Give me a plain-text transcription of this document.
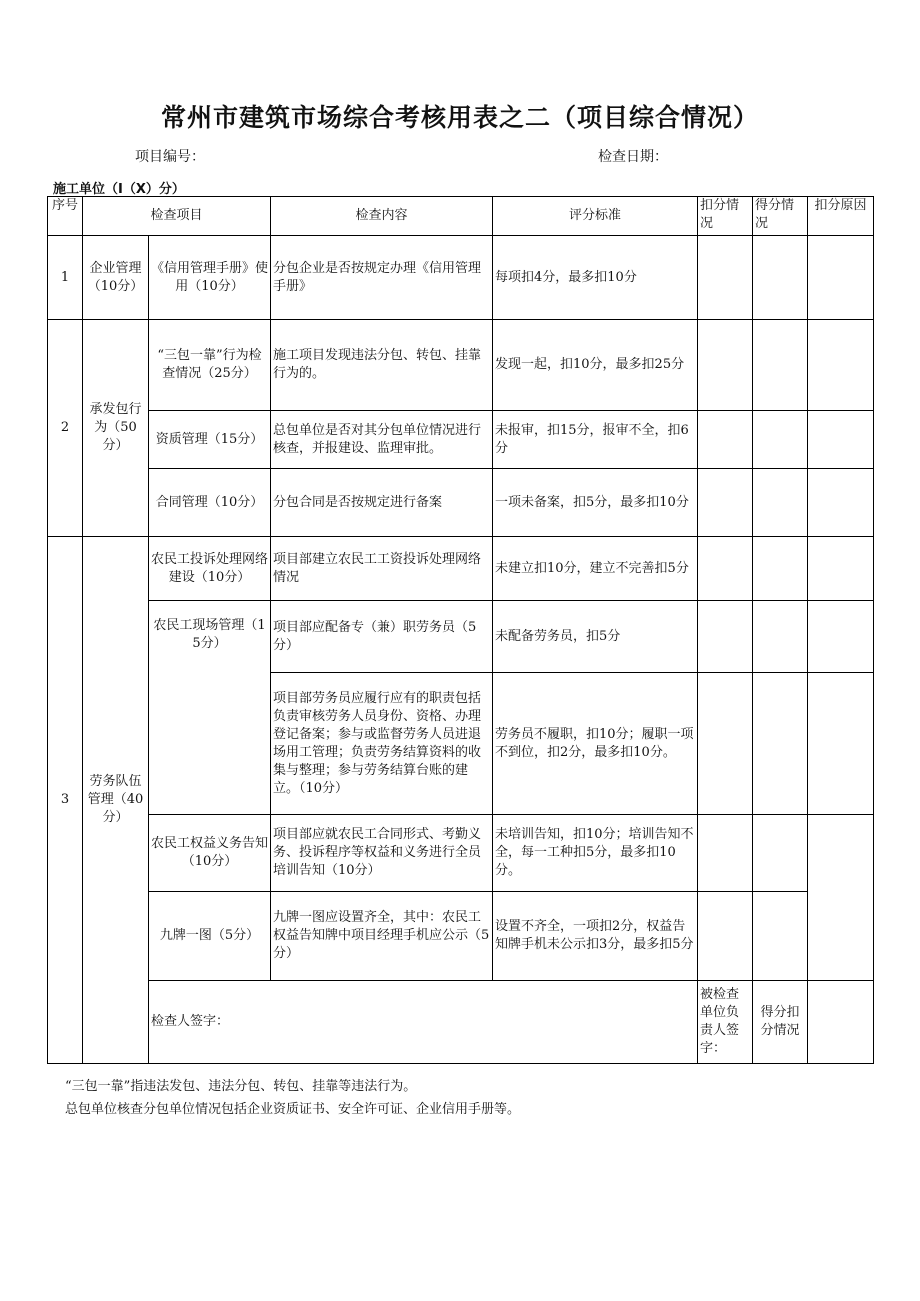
常州市建筑市场综合考核用表之二（项目综合情况）
项目编号：	检查日期：
施工单位（I（X）分）
序号	检查项目		检查内容	评分标准	扣分情况	得分情况	扣分原因	
1	企业管理（10分）	《信用管理手册》使用（10分）	分包企业是否按规定办理《信用管理手册》	每项扣4分，最多扣10分				
2	承发包行为（50分）	“三包一靠”行为检查情况（25分）	施工项目发现违法分包、转包、挂靠行为的。	发现一起，扣10分，最多扣25分				
		资质管理（15分）	总包单位是否对其分包单位情况进行核查，并报建设、监理审批。	未报审，扣15分，报审不全，扣6分				
		合同管理（10分）	分包合同是否按规定进行备案	一项未备案，扣5分，最多扣10分				
3	劳务队伍管理（40分）	农民工投诉处理网络建设（10分）	项目部建立农民工工资投诉处理网络情况	未建立扣10分，建立不完善扣5分				
		农民工现场管理（15分）	项目部应配备专（兼）职劳务员（5分）	未配备劳务员，扣5分				
			项目部劳务员应履行应有的职责包括负责审核劳务人员身份、资格、办理登记备案；参与或监督劳务人员进退场用工管理；负责劳务结算资料的收集与整理；参与劳务结算台账的建立。（10分）	劳务员不履职，扣10分；履职一项不到位，扣2分，最多扣10分。				
		农民工权益义务告知（10分）	项目部应就农民工合同形式、考勤义务、投诉程序等权益和义务进行全员培训告知（10分）	未培训告知，扣10分；培训告知不全，每一工种扣5分，最多扣10分。				
		九牌一图（5分）	九牌一图应设置齐全，其中：农民工权益告知牌中项目经理手机应公示（5分）	设置不齐全，一项扣2分，权益告知牌手机未公示扣3分，最多扣5分				
		检查人签字：			被检查单位负责人签字：	得分扣分情况			
“三包一靠”指违法发包、违法分包、转包、挂靠等违法行为。
总包单位核查分包单位情况包括企业资质证书、安全许可证、企业信用手册等。
